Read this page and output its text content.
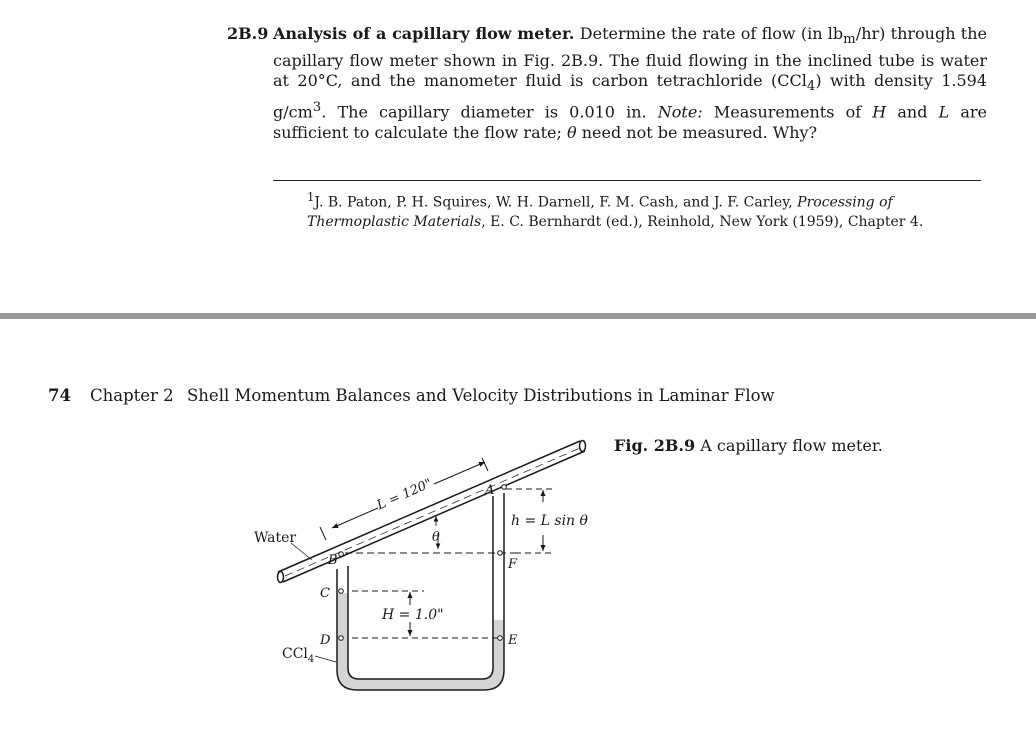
2B.9 Analysis of a capillary flow meter. Determine the rate of flow (in $lb_m/hr$) through the capillary flow meter shown in Fig. 2B.9. The fluid flowing in the inclined tube is water at 20°C, and the manometer fluid is carbon tetrachloride (CCl$_4$) with density 1.594 $g/cm^3$. The capillary diameter is 0.010 in. Note: Measurements of H and L are sufficient to calculate the flow rate; θ need not be measured. Why?
$^1$J. B. Paton, P. H. Squires, W. H. Darnell, F. M. Cash, and J. F. Carley, Processing of Thermoplastic Materials, E. C. Bernhardt (ed.), Reinhold, New York (1959), Chapter 4.
74 Chapter 2 Shell Momentum Balances and Velocity Distributions in Laminar Flow
Fig. 2B.9 A capillary flow meter.
L = 120"	A
B
C
D	E
F
θ
h = L sin θ
H = 1.0"
Water
CCl$_4$
